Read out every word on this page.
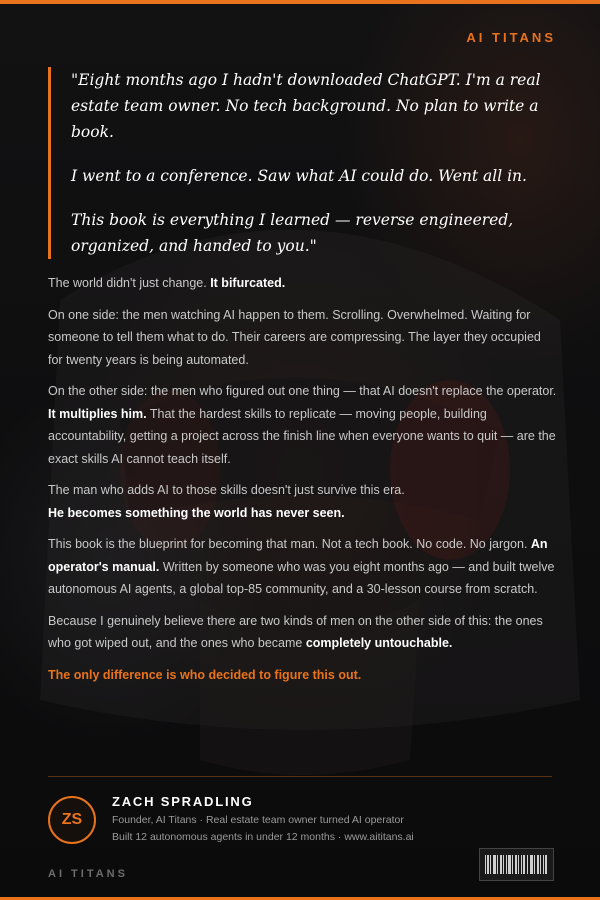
AI TITANS

"Eight months ago I hadn't downloaded ChatGPT. I'm a real estate team owner. No tech background. No plan to write a book.

I went to a conference. Saw what AI could do. Went all in.

This book is everything I learned — reverse engineered, organized, and handed to you."

The world didn't just change. It bifurcated.

On one side: the men watching AI happen to them. Scrolling. Overwhelmed. Waiting for someone to tell them what to do. Their careers are compressing. The layer they occupied for twenty years is being automated.

On the other side: the men who figured out one thing — that AI doesn't replace the operator. It multiplies him. That the hardest skills to replicate — moving people, building accountability, getting a project across the finish line when everyone wants to quit — are the exact skills AI cannot teach itself.

The man who adds AI to those skills doesn't just survive this era.
He becomes something the world has never seen.

This book is the blueprint for becoming that man. Not a tech book. No code. No jargon. An operator's manual. Written by someone who was you eight months ago — and built twelve autonomous AI agents, a global top-85 community, and a 30-lesson course from scratch.

Because I genuinely believe there are two kinds of men on the other side of this: the ones who got wiped out, and the ones who became completely untouchable.

The only difference is who decided to figure this out.

ZS
ZACH SPRADLING
Founder, AI Titans · Real estate team owner turned AI operator
Built 12 autonomous agents in under 12 months · www.aititans.ai
AI TITANS
